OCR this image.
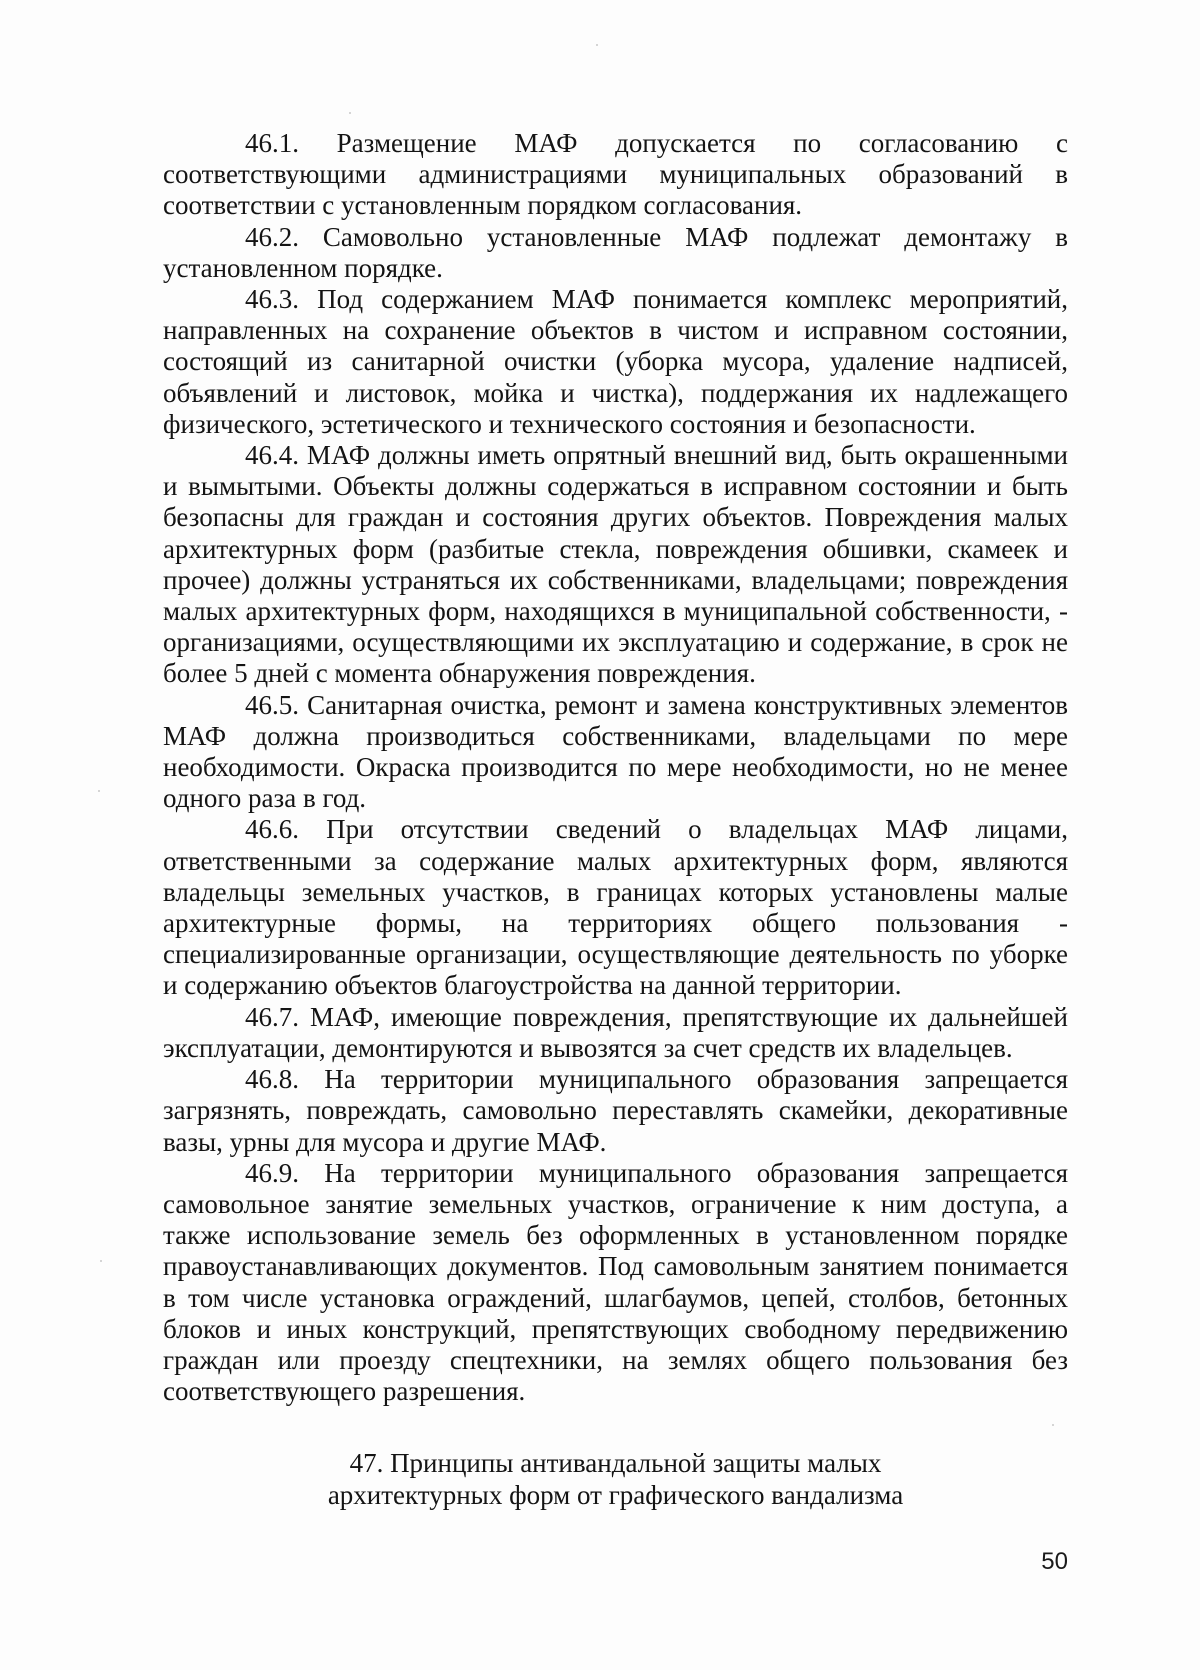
46.1. Размещение МАФ допускается по согласованию с соответствующими администрациями муниципальных образований в соответствии с установленным порядком согласования.

46.2. Самовольно установленные МАФ подлежат демонтажу в установленном порядке.

46.3. Под содержанием МАФ понимается комплекс мероприятий, направленных на сохранение объектов в чистом и исправном состоянии, состоящий из санитарной очистки (уборка мусора, удаление надписей, объявлений и листовок, мойка и чистка), поддержания их надлежащего физического, эстетического и технического состояния и безопасности.

46.4. МАФ должны иметь опрятный внешний вид, быть окрашенными и вымытыми. Объекты должны содержаться в исправном состоянии и быть безопасны для граждан и состояния других объектов. Повреждения малых архитектурных форм (разбитые стекла, повреждения обшивки, скамеек и прочее) должны устраняться их собственниками, владельцами; повреждения малых архитектурных форм, находящихся в муниципальной собственности, - организациями, осуществляющими их эксплуатацию и содержание, в срок не более 5 дней с момента обнаружения повреждения.

46.5. Санитарная очистка, ремонт и замена конструктивных элементов МАФ должна производиться собственниками, владельцами по мере необходимости. Окраска производится по мере необходимости, но не менее одного раза в год.

46.6. При отсутствии сведений о владельцах МАФ лицами, ответственными за содержание малых архитектурных форм, являются владельцы земельных участков, в границах которых установлены малые архитектурные формы, на территориях общего пользования - специализированные организации, осуществляющие деятельность по уборке и содержанию объектов благоустройства на данной территории.

46.7. МАФ, имеющие повреждения, препятствующие их дальнейшей эксплуатации, демонтируются и вывозятся за счет средств их владельцев.

46.8. На территории муниципального образования запрещается загрязнять, повреждать, самовольно переставлять скамейки, декоративные вазы, урны для мусора и другие МАФ.

46.9. На территории муниципального образования запрещается самовольное занятие земельных участков, ограничение к ним доступа, а также использование земель без оформленных в установленном порядке правоустанавливающих документов. Под самовольным занятием понимается в том числе установка ограждений, шлагбаумов, цепей, столбов, бетонных блоков и иных конструкций, препятствующих свободному передвижению граждан или проезду спецтехники, на землях общего пользования без соответствующего разрешения.

47. Принципы антивандальной защиты малых
архитектурных форм от графического вандализма
50
